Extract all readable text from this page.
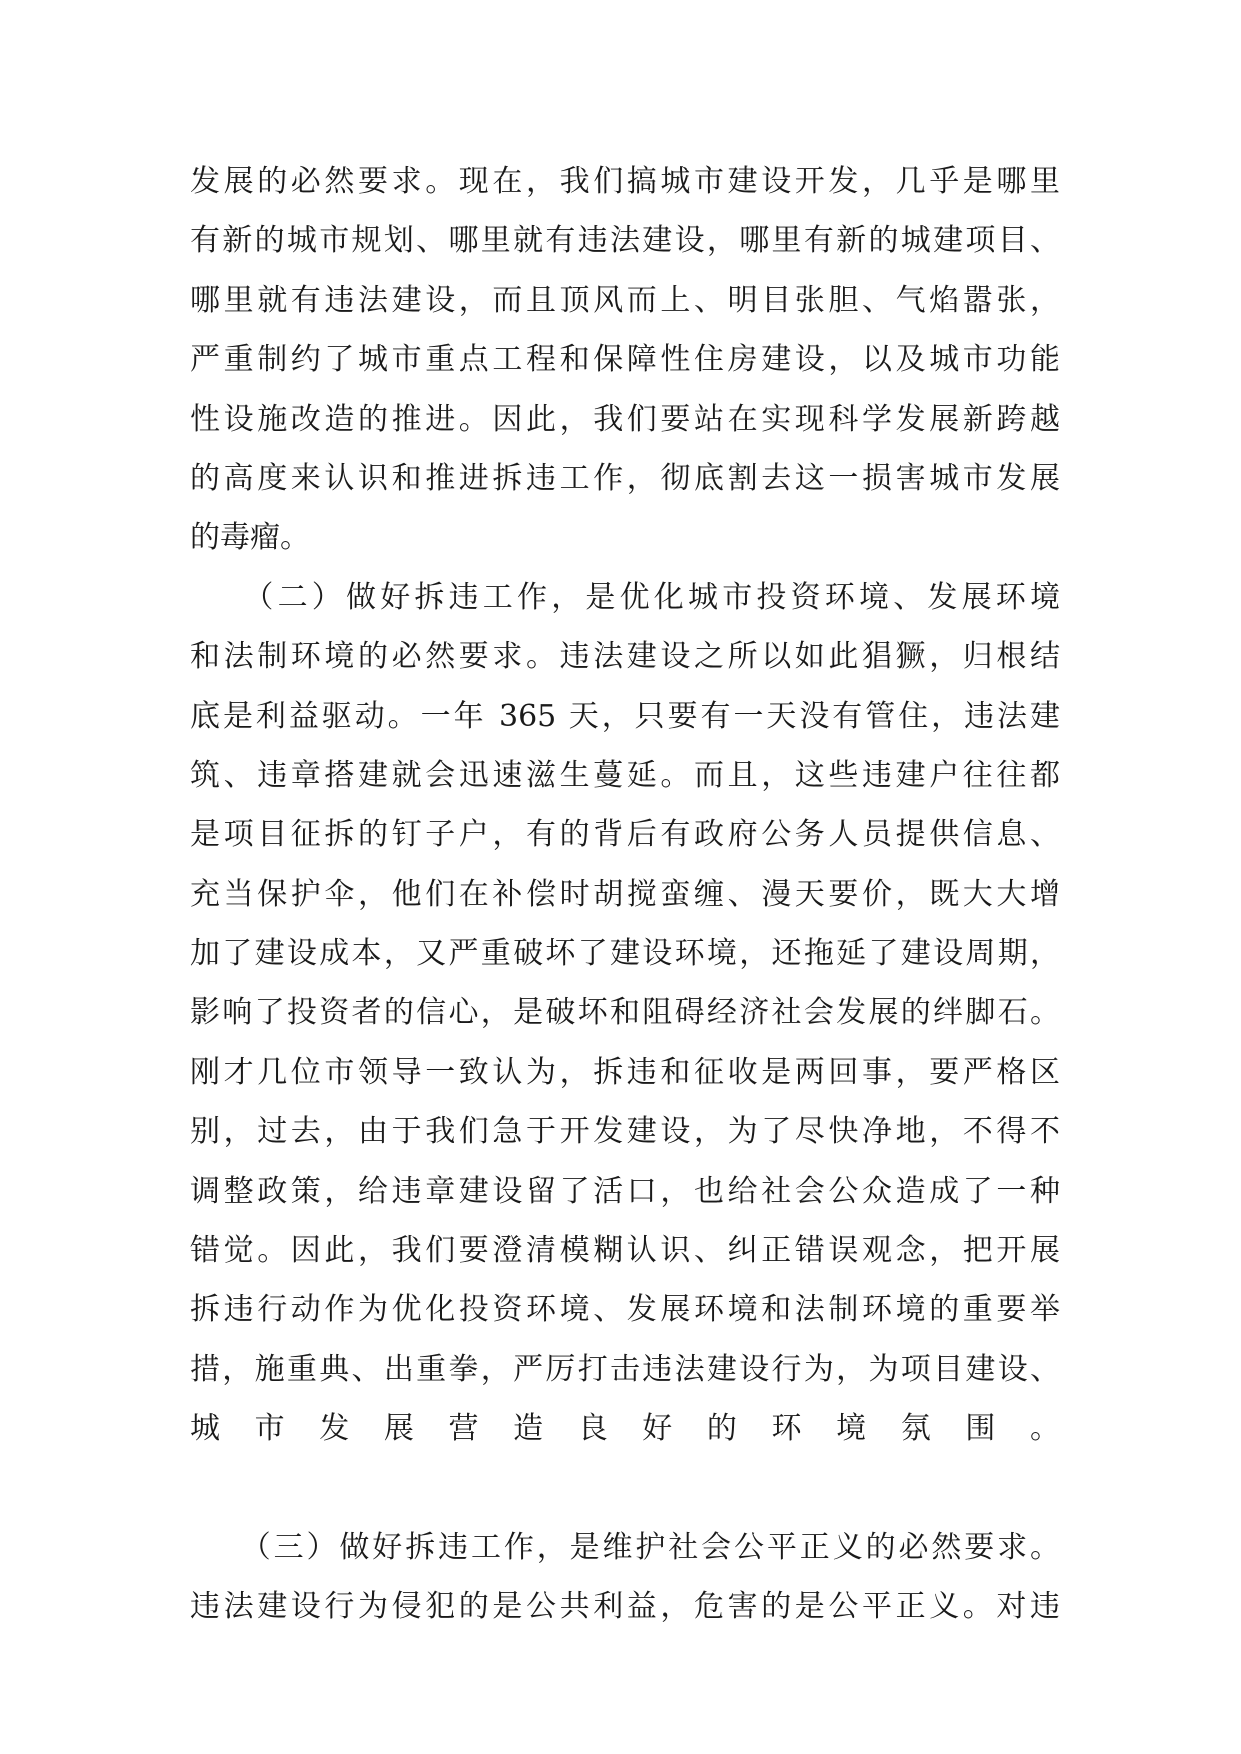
发展的必然要求。现在，我们搞城市建设开发，几乎是哪里
有新的城市规划、哪里就有违法建设，哪里有新的城建项目、
哪里就有违法建设，而且顶风而上、明目张胆、气焰嚣张，
严重制约了城市重点工程和保障性住房建设，以及城市功能
性设施改造的推进。因此，我们要站在实现科学发展新跨越
的高度来认识和推进拆违工作，彻底割去这一损害城市发展
的毒瘤。
　　（二）做好拆违工作，是优化城市投资环境、发展环境
和法制环境的必然要求。违法建设之所以如此猖獗，归根结
底是利益驱动。一年 365 天，只要有一天没有管住，违法建
筑、违章搭建就会迅速滋生蔓延。而且，这些违建户往往都
是项目征拆的钉子户，有的背后有政府公务人员提供信息、
充当保护伞，他们在补偿时胡搅蛮缠、漫天要价，既大大增
加了建设成本，又严重破坏了建设环境，还拖延了建设周期，
影响了投资者的信心，是破坏和阻碍经济社会发展的绊脚石。
刚才几位市领导一致认为，拆违和征收是两回事，要严格区
别，过去，由于我们急于开发建设，为了尽快净地，不得不
调整政策，给违章建设留了活口，也给社会公众造成了一种
错觉。因此，我们要澄清模糊认识、纠正错误观念，把开展
拆违行动作为优化投资环境、发展环境和法制环境的重要举
措，施重典、出重拳，严厉打击违法建设行为，为项目建设、
城市发展营造良好的环境氛围。
　　（三）做好拆违工作，是维护社会公平正义的必然要求。
违法建设行为侵犯的是公共利益，危害的是公平正义。对违
